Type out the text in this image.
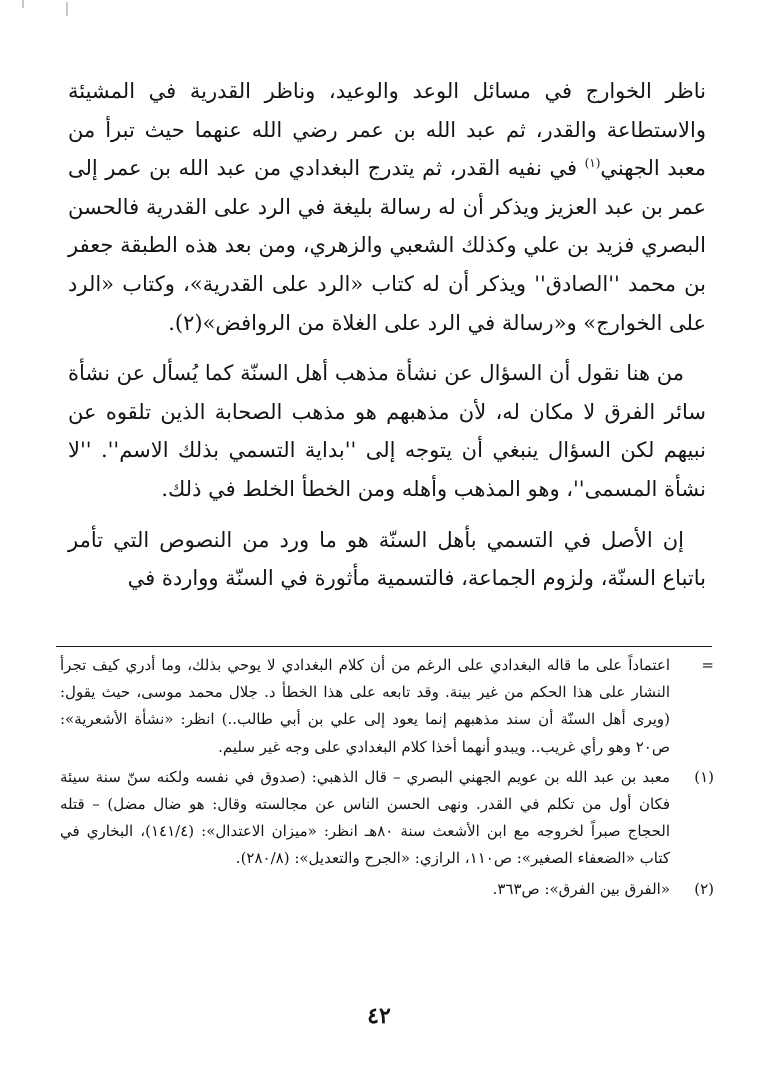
ناظر الخوارج في مسائل الوعد والوعيد، وناظر القدرية في المشيئة والاستطاعة والقدر، ثم عبد الله بن عمر رضي الله عنهما حيث تبرأ من معبد الجهني$^{(١)}$ في نفيه القدر، ثم يتدرج البغدادي من عبد الله بن عمر إلى عمر بن عبد العزيز ويذكر أن له رسالة بليغة في الرد على القدرية فالحسن البصري فزيد بن علي وكذلك الشعبي والزهري، ومن بعد هذه الطبقة جعفر بن محمد ''الصادق'' ويذكر أن له كتاب «الرد على القدرية»، وكتاب «الرد على الخوارج» و«رسالة في الرد على الغلاة من الروافض»(٢).

من هنا نقول أن السؤال عن نشأة مذهب أهل السنّة كما يُسأل عن نشأة سائر الفرق لا مكان له، لأن مذهبهم هو مذهب الصحابة الذين تلقوه عن نبيهم لكن السؤال ينبغي أن يتوجه إلى ''بداية التسمي بذلك الاسم''. ''لا نشأة المسمى''، وهو المذهب وأهله ومن الخطأ الخلط في ذلك.

إن الأصل في التسمي بأهل السنّة هو ما ورد من النصوص التي تأمر باتباع السنّة، ولزوم الجماعة، فالتسمية مأثورة في السنّة وواردة في

=
اعتماداً على ما قاله البغدادي على الرغم من أن كلام البغدادي لا يوحي بذلك، وما أدري كيف تجرأ النشار على هذا الحكم من غير بينة. وقد تابعه على هذا الخطأ د. جلال محمد موسى، حيث يقول: (ويرى أهل السنّة أن سند مذهبهم إنما يعود إلى علي بن أبي طالب..) انظر: «نشأة الأشعرية»: ص٢٠ وهو رأي غريب.. ويبدو أنهما أخذا كلام البغدادي على وجه غير سليم.
(١)
معبد بن عبد الله بن عويم الجهني البصري – قال الذهبي: (صدوق في نفسه ولكنه سنّ سنة سيئة فكان أول من تكلم في القدر. ونهى الحسن الناس عن مجالسته وقال: هو ضال مضل) – قتله الحجاج صبراً لخروجه مع ابن الأشعث سنة ٨٠هـ انظر: «ميزان الاعتدال»: (١٤١/٤)، البخاري في كتاب «الضعفاء الصغير»: ص١١٠، الرازي: «الجرح والتعديل»: (٢٨٠/٨).
(٢)
«الفرق بين الفرق»: ص٣٦٣.
٤٢
